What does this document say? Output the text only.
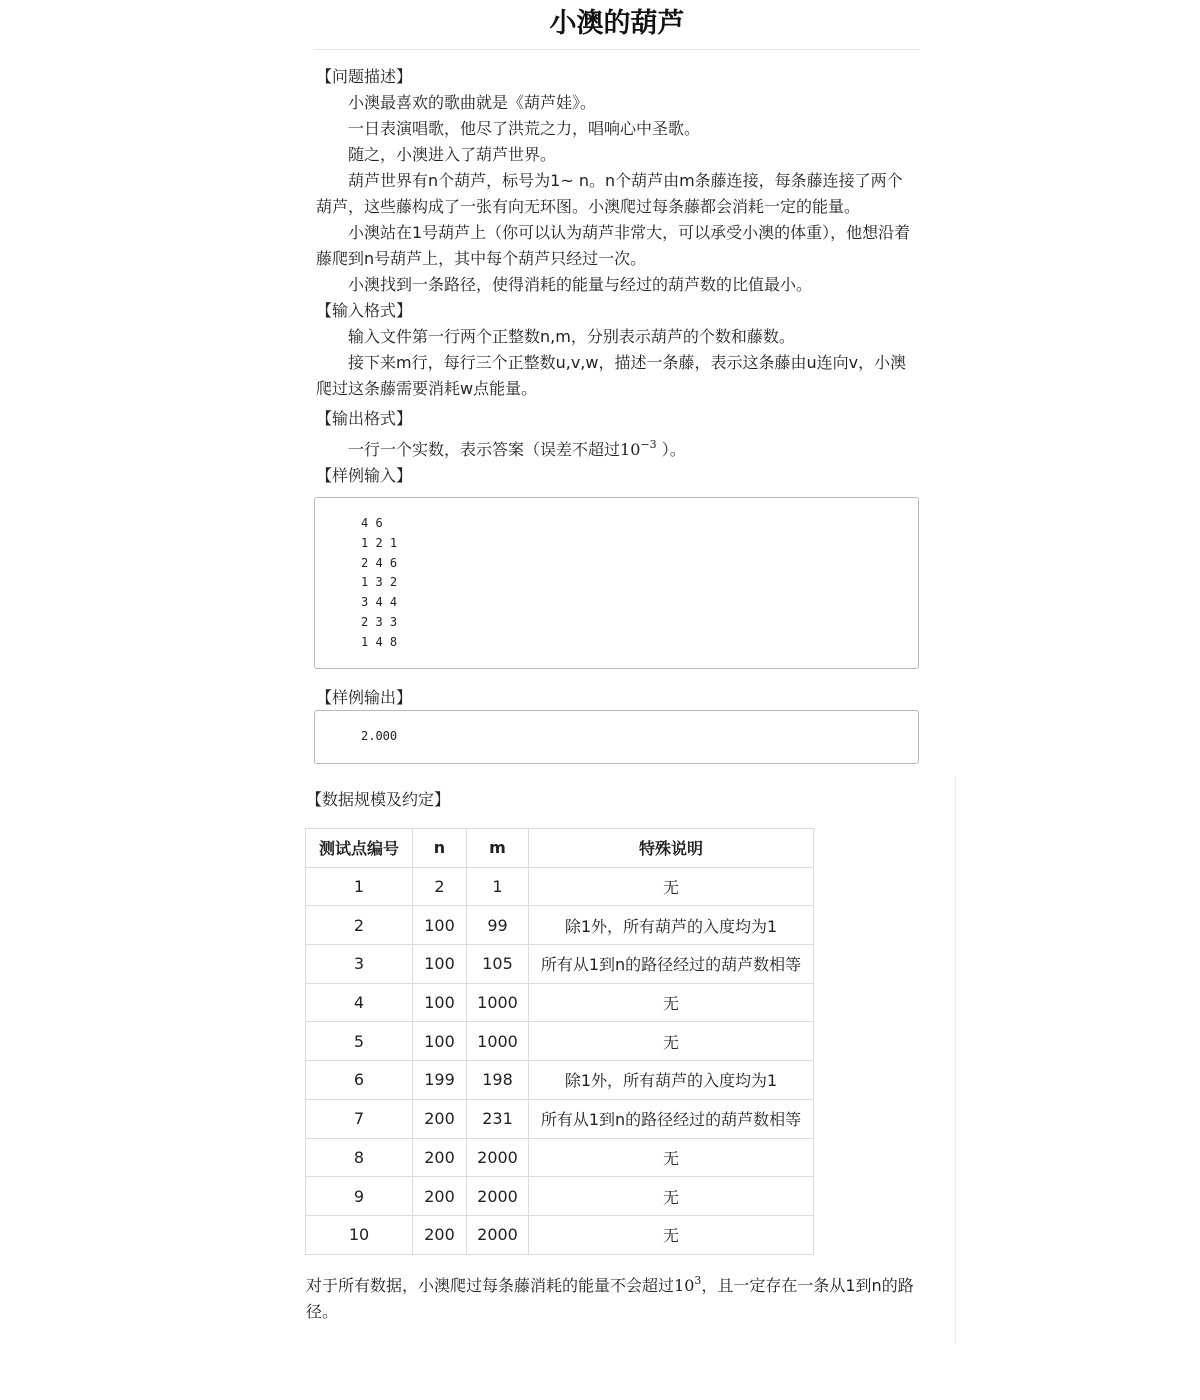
小澳的葫芦

【问题描述】

小澳最喜欢的歌曲就是《葫芦娃》。

一日表演唱歌，他尽了洪荒之力，唱响心中圣歌。

随之，小澳进入了葫芦世界。

葫芦世界有n个葫芦，标号为1~ n。n个葫芦由m条藤连接，每条藤连接了两个葫芦，这些藤构成了一张有向无环图。小澳爬过每条藤都会消耗一定的能量。

小澳站在1号葫芦上（你可以认为葫芦非常大，可以承受小澳的体重），他想沿着藤爬到n号葫芦上，其中每个葫芦只经过一次。

小澳找到一条路径，使得消耗的能量与经过的葫芦数的比值最小。

【输入格式】

输入文件第一行两个正整数n,m，分别表示葫芦的个数和藤数。

接下来m行，每行三个正整数u,v,w，描述一条藤，表示这条藤由u连向v，小澳爬过这条藤需要消耗w点能量。

【输出格式】

一行一个实数，表示答案（误差不超过$10^{-3}$ ）。

【样例输入】

4 6
1 2 1
2 4 6
1 3 2
3 4 4
2 3 3
1 4 8
【样例输出】
2.000
【数据规模及约定】
测试点编号	n	m	特殊说明
1	2	1	无
2	100	99	除1外，所有葫芦的入度均为1
3	100	105	所有从1到n的路径经过的葫芦数相等
4	100	1000	无
5	100	1000	无
6	199	198	除1外，所有葫芦的入度均为1
7	200	231	所有从1到n的路径经过的葫芦数相等
8	200	2000	无
9	200	2000	无
10	200	2000	无
对于所有数据，小澳爬过每条藤消耗的能量不会超过$10^3$，且一定存在一条从1到n的路径。
